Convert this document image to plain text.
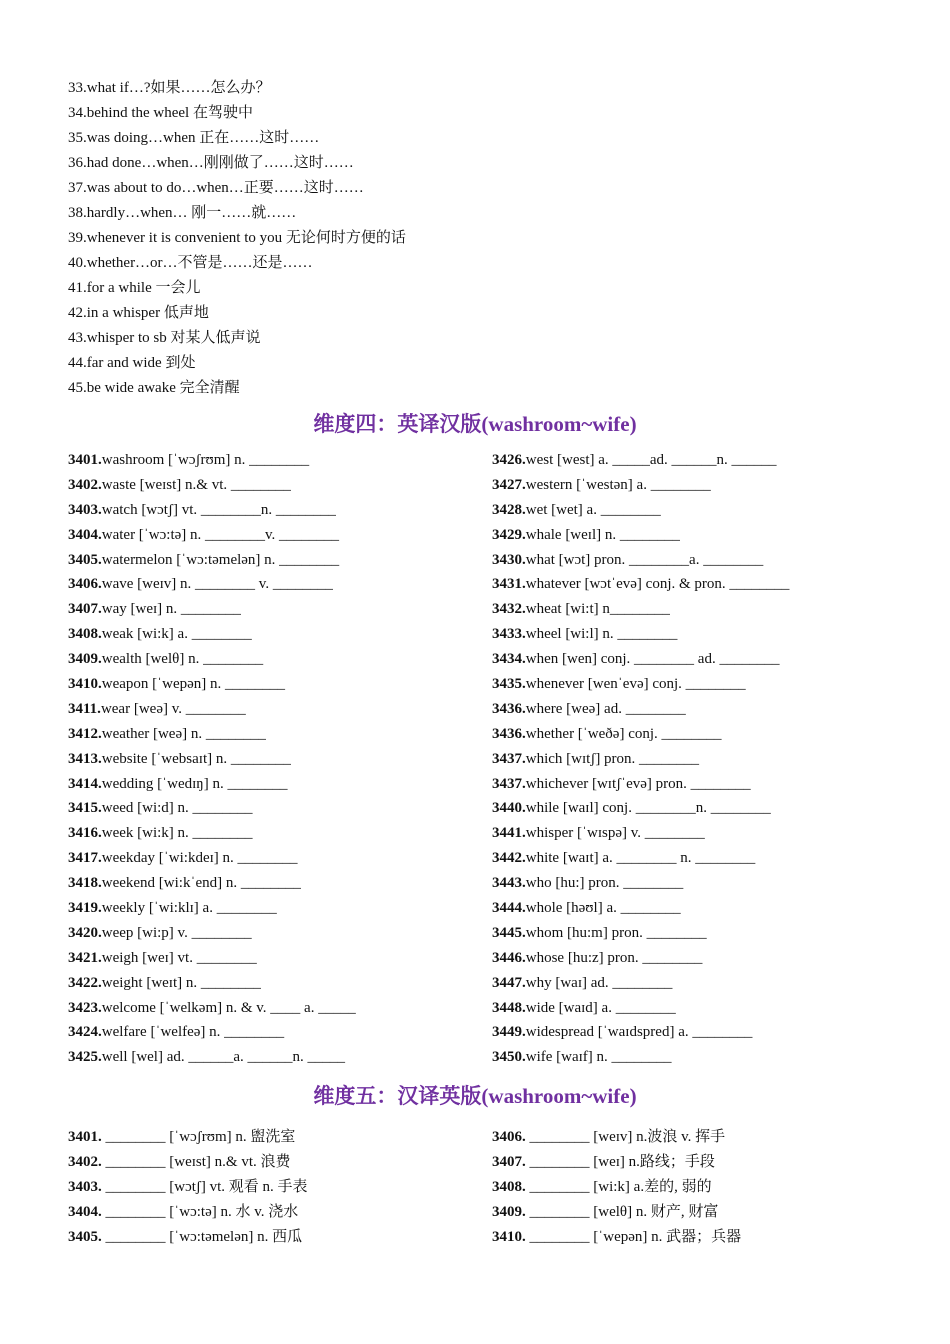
33.what if…?如果……怎么办？
34.behind the wheel 在驾驶中
35.was doing…when 正在……这时……
36.had done…when…刚刚做了……这时……
37.was about to do…when…正要……这时……
38.hardly…when… 刚一……就……
39.whenever it is convenient to you 无论何时方便的话
40.whether…or…不管是……还是……
41.for a while 一会儿
42.in a whisper 低声地
43.whisper to sb 对某人低声说
44.far and wide 到处
45.be wide awake 完全清醒
维度四：英译汉版(washroom~wife)
3401.washroom [ˈwɔʃrʊm] n. ________
3402.waste [weɪst] n.& vt. ________
3403.watch [wɔtʃ] vt. ________n. ________
3404.water [ˈwɔ:tə] n. ________v. ________
3405.watermelon [ˈwɔ:təmelən] n. ________
3406.wave [weɪv] n. ________ v. ________
3407.way [weɪ] n. ________
3408.weak [wi:k] a. ________
3409.wealth [welθ] n. ________
3410.weapon [ˈwepən] n. ________
3411.wear [weə] v. ________
3412.weather [weə] n. ________
3413.website [ˈwebsaɪt] n. ________
3414.wedding [ˈwedɪŋ] n. ________
3415.weed [wi:d] n. ________
3416.week [wi:k] n. ________
3417.weekday [ˈwi:kdeɪ] n. ________
3418.weekend [wi:kˈend] n. ________
3419.weekly [ˈwi:klɪ] a. ________
3420.weep [wi:p] v. ________
3421.weigh [weɪ] vt. ________
3422.weight [weɪt] n. ________
3423.welcome [ˈwelkəm] n. & v. ____ a. _____
3424.welfare [ˈwelfeə] n. ________
3425.well [wel] ad. ______a. ______n. _____
3426.west [west] a. _____ad. ______n. ______
3427.western [ˈwestən] a. ________
3428.wet [wet] a. ________
3429.whale [weɪl] n. ________
3430.what [wɔt] pron. ________a. ________
3431.whatever [wɔtˈevə] conj. & pron. ________
3432.wheat [wi:t] n________
3433.wheel [wi:l] n. ________
3434.when [wen] conj. ________ ad. ________
3435.whenever [wenˈevə] conj. ________
3436.where [weə] ad. ________
3436.whether [ˈweðə] conj. ________
3437.which [wɪtʃ] pron. ________
3437.whichever [wɪtʃˈevə] pron. ________
3440.while [waɪl] conj. ________n. ________
3441.whisper [ˈwɪspə] v. ________
3442.white [waɪt] a. ________ n. ________
3443.who [hu:] pron. ________
3444.whole [həʊl] a. ________
3445.whom [hu:m] pron. ________
3446.whose [hu:z] pron. ________
3447.why [waɪ] ad. ________
3448.wide [waɪd] a. ________
3449.widespread [ˈwaɪdspred] a. ________
3450.wife [waɪf] n. ________
维度五：汉译英版(washroom~wife)
3401. ________ [ˈwɔʃrʊm] n. 盥洗室
3402. ________ [weɪst] n.& vt. 浪费
3403. ________ [wɔtʃ] vt. 观看 n. 手表
3404. ________ [ˈwɔ:tə] n. 水 v. 浇水
3405. ________ [ˈwɔ:təmelən] n. 西瓜
3406. ________ [weɪv] n.波浪 v. 挥手
3407. ________ [weɪ] n.路线；手段
3408. ________ [wi:k] a.差的, 弱的
3409. ________ [welθ] n. 财产, 财富
3410. ________ [ˈwepən] n. 武器；兵器
